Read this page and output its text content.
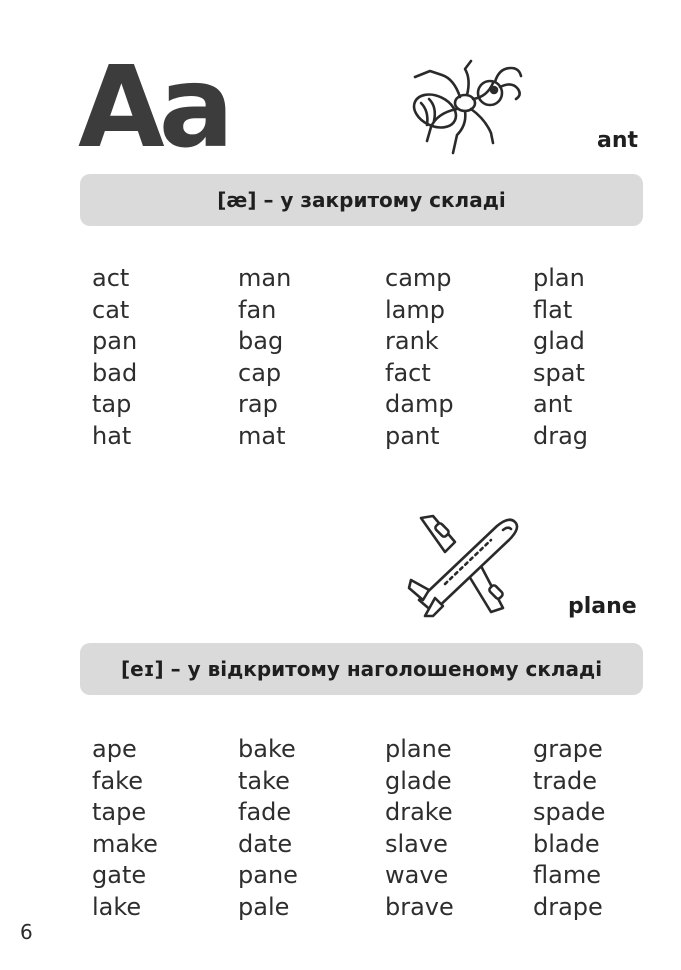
Aa	ant
[æ] – у закритому складі
act	man	camp	plan
cat	fan	lamp	flat
pan	bag	rank	glad
bad	cap	fact	spat
tap	rap	damp	ant
hat	mat	pant	drag
plane
[eɪ] – у відкритому наголошеному складі
ape	bake	plane	grape
fake	take	glade	trade
tape	fade	drake	spade
make	date	slave	blade
gate	pane	wave	flame
lake	pale	brave	drape
6
